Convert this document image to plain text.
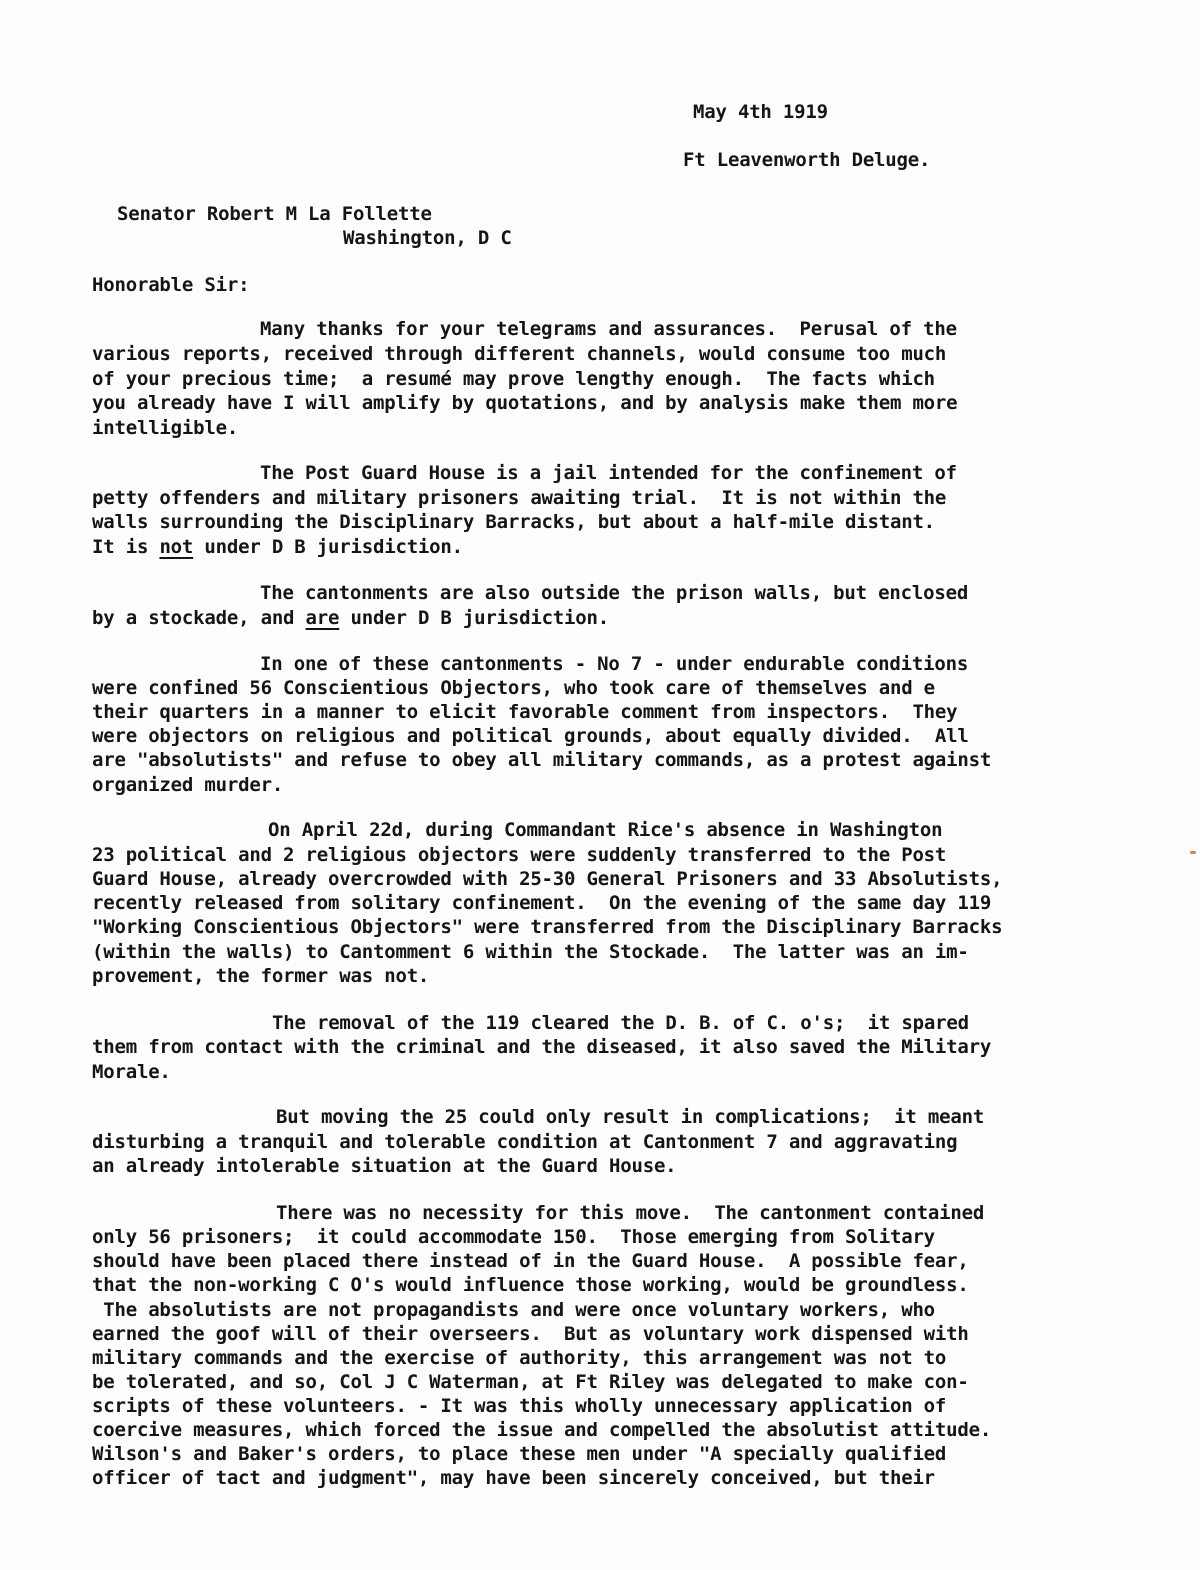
May 4th 1919
Ft Leavenworth Deluge.
Senator Robert M La Follette
Washington, D C
Honorable Sir:
Many thanks for your telegrams and assurances.  Perusal of the
various reports, received through different channels, would consume too much
of your precious time;  a resumé may prove lengthy enough.  The facts which
you already have I will amplify by quotations, and by analysis make them more
intelligible.
The Post Guard House is a jail intended for the confinement of
petty offenders and military prisoners awaiting trial.  It is not within the
walls surrounding the Disciplinary Barracks, but about a half-mile distant.
It is not under D B jurisdiction.
The cantonments are also outside the prison walls, but enclosed
by a stockade, and are under D B jurisdiction.
In one of these cantonments - No 7 - under endurable conditions
were confined 56 Conscientious Objectors, who took care of themselves and e
their quarters in a manner to elicit favorable comment from inspectors.  They
were objectors on religious and political grounds, about equally divided.  All
are "absolutists" and refuse to obey all military commands, as a protest against
organized murder.
On April 22d, during Commandant Rice's absence in Washington
23 political and 2 religious objectors were suddenly transferred to the Post
Guard House, already overcrowded with 25-30 General Prisoners and 33 Absolutists,
recently released from solitary confinement.  On the evening of the same day 119
"Working Conscientious Objectors" were transferred from the Disciplinary Barracks
(within the walls) to Cantomment 6 within the Stockade.  The latter was an im-
provement, the former was not.
The removal of the 119 cleared the D. B. of C. o's;  it spared
them from contact with the criminal and the diseased, it also saved the Military
Morale.
But moving the 25 could only result in complications;  it meant
disturbing a tranquil and tolerable condition at Cantonment 7 and aggravating
an already intolerable situation at the Guard House.
There was no necessity for this move.  The cantonment contained
only 56 prisoners;  it could accommodate 150.  Those emerging from Solitary
should have been placed there instead of in the Guard House.  A possible fear,
that the non-working C O's would influence those working, would be groundless.
The absolutists are not propagandists and were once voluntary workers, who
earned the goof will of their overseers.  But as voluntary work dispensed with
military commands and the exercise of authority, this arrangement was not to
be tolerated, and so, Col J C Waterman, at Ft Riley was delegated to make con-
scripts of these volunteers. - It was this wholly unnecessary application of
coercive measures, which forced the issue and compelled the absolutist attitude.
Wilson's and Baker's orders, to place these men under "A specially qualified
officer of tact and judgment", may have been sincerely conceived, but their
